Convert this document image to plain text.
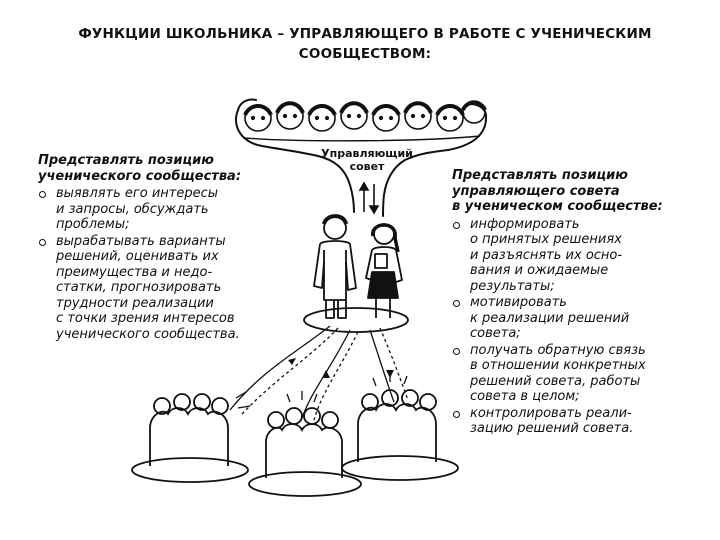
ФУНКЦИИ ШКОЛЬНИКА – УПРАВЛЯЮЩЕГО В РАБОТЕ С УЧЕНИЧЕСКИМ
СООБЩЕСТВОМ:
Управляющий совет
Представлять позицию
ученического сообщества:
выявлять его интересы
и запросы, обсуждать
проблемы;
вырабатывать варианты
решений, оценивать их
преимущества и недо-
статки, прогнозировать
трудности реализации
с точки зрения интересов
ученического сообщества.
Представлять позицию
управляющего совета
в ученическом сообществе:
информировать
о принятых решениях
и разъяснять их осно-
вания и ожидаемые
результаты;
мотивировать
к реализации решений
совета;
получать обратную связь
в отношении конкретных
решений совета, работы
совета в целом;
контролировать реали-
зацию решений совета.
